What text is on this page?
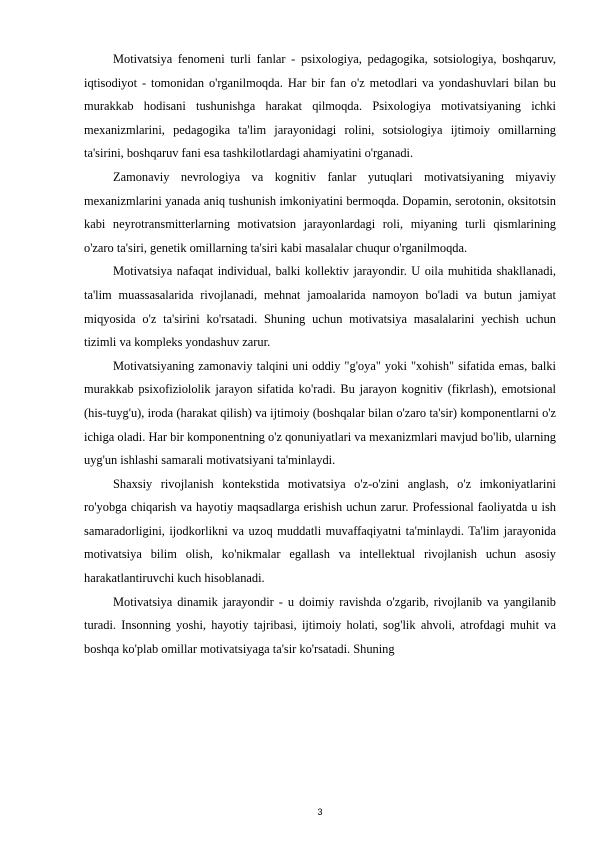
Motivatsiya fenomeni turli fanlar - psixologiya, pedagogika, sotsiologiya, boshqaruv, iqtisodiyot - tomonidan o'rganilmoqda. Har bir fan o'z metodlari va yondashuvlari bilan bu murakkab hodisani tushunishga harakat qilmoqda. Psixologiya motivatsiyaning ichki mexanizmlarini, pedagogika ta'lim jarayonidagi rolini, sotsiologiya ijtimoiy omillarning ta'sirini, boshqaruv fani esa tashkilotlardagi ahamiyatini o'rganadi.

Zamonaviy nevrologiya va kognitiv fanlar yutuqlari motivatsiyaning miyaviy mexanizmlarini yanada aniq tushunish imkoniyatini bermoqda. Dopamin, serotonin, oksitotsin kabi neyrotransmitterlarning motivatsion jarayonlardagi roli, miyaning turli qismlarining o'zaro ta'siri, genetik omillarning ta'siri kabi masalalar chuqur o'rganilmoqda.

Motivatsiya nafaqat individual, balki kollektiv jarayondir. U oila muhitida shakllanadi, ta'lim muassasalarida rivojlanadi, mehnat jamoalarida namoyon bo'ladi va butun jamiyat miqyosida o'z ta'sirini ko'rsatadi. Shuning uchun motivatsiya masalalarini yechish uchun tizimli va kompleks yondashuv zarur.

Motivatsiyaning zamonaviy talqini uni oddiy "g'oya" yoki "xohish" sifatida emas, balki murakkab psixofiziololik jarayon sifatida ko'radi. Bu jarayon kognitiv (fikrlash), emotsional (his-tuyg'u), iroda (harakat qilish) va ijtimoiy (boshqalar bilan o'zaro ta'sir) komponentlarni o'z ichiga oladi. Har bir komponentning o'z qonuniyatlari va mexanizmlari mavjud bo'lib, ularning uyg'un ishlashi samarali motivatsiyani ta'minlaydi.

Shaxsiy rivojlanish kontekstida motivatsiya o'z-o'zini anglash, o'z imkoniyatlarini ro'yobga chiqarish va hayotiy maqsadlarga erishish uchun zarur. Professional faoliyatda u ish samaradorligini, ijodkorlikni va uzoq muddatli muvaffaqiyatni ta'minlaydi. Ta'lim jarayonida motivatsiya bilim olish, ko'nikmalar egallash va intellektual rivojlanish uchun asosiy harakatlantiruvchi kuch hisoblanadi.

Motivatsiya dinamik jarayondir - u doimiy ravishda o'zgarib, rivojlanib va yangilanib turadi. Insonning yoshi, hayotiy tajribasi, ijtimoiy holati, sog'lik ahvoli, atrofdagi muhit va boshqa ko'plab omillar motivatsiyaga ta'sir ko'rsatadi. Shuning

3
